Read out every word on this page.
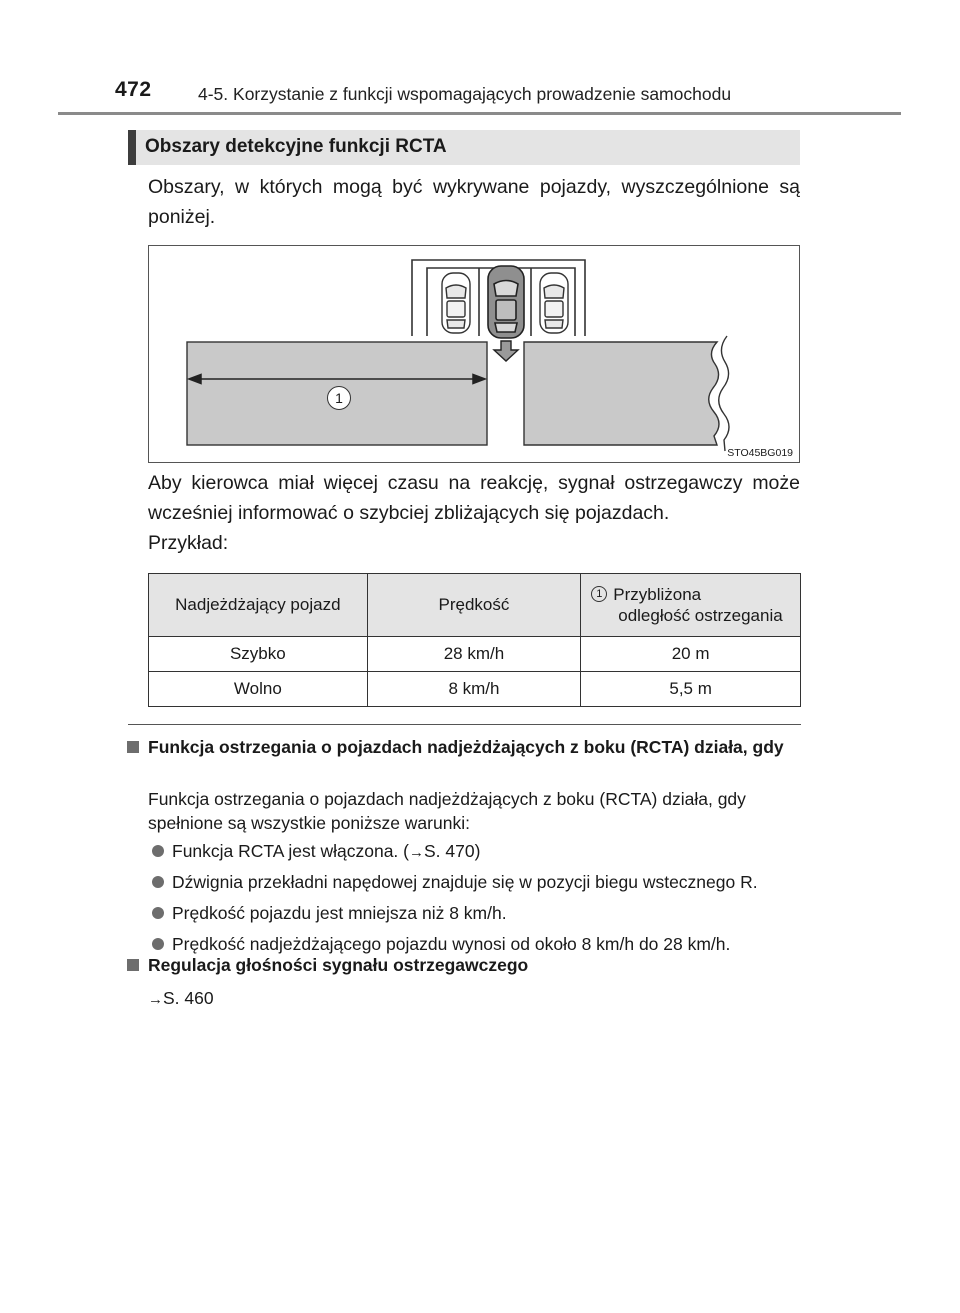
472	4-5. Korzystanie z funkcji wspomagających prowadzenie samochodu
Obszary detekcyjne funkcji RCTA
Obszary, w których mogą być wykrywane pojazdy, wyszczególnione są poniżej.
1
STO45BG019
Aby kierowca miał więcej czasu na reakcję, sygnał ostrzegawczy może wcześniej informować o szybciej zbliżających się pojazdach.
Przykład:
Nadjeżdżający pojazd	Prędkość	1 Przybliżona
odległość ostrzegania

Szybko	28 km/h	20 m
Wolno	8 km/h	5,5 m
Funkcja ostrzegania o pojazdach nadjeżdżających z boku (RCTA) działa, gdy
Funkcja ostrzegania o pojazdach nadjeżdżających z boku (RCTA) działa, gdy spełnione są wszystkie poniższe warunki:
Funkcja RCTA jest włączona. (→S. 470)
Dźwignia przekładni napędowej znajduje się w pozycji biegu wstecznego R.
Prędkość pojazdu jest mniejsza niż 8 km/h.
Prędkość nadjeżdżającego pojazdu wynosi od około 8 km/h do 28 km/h.
Regulacja głośności sygnału ostrzegawczego
→S. 460
